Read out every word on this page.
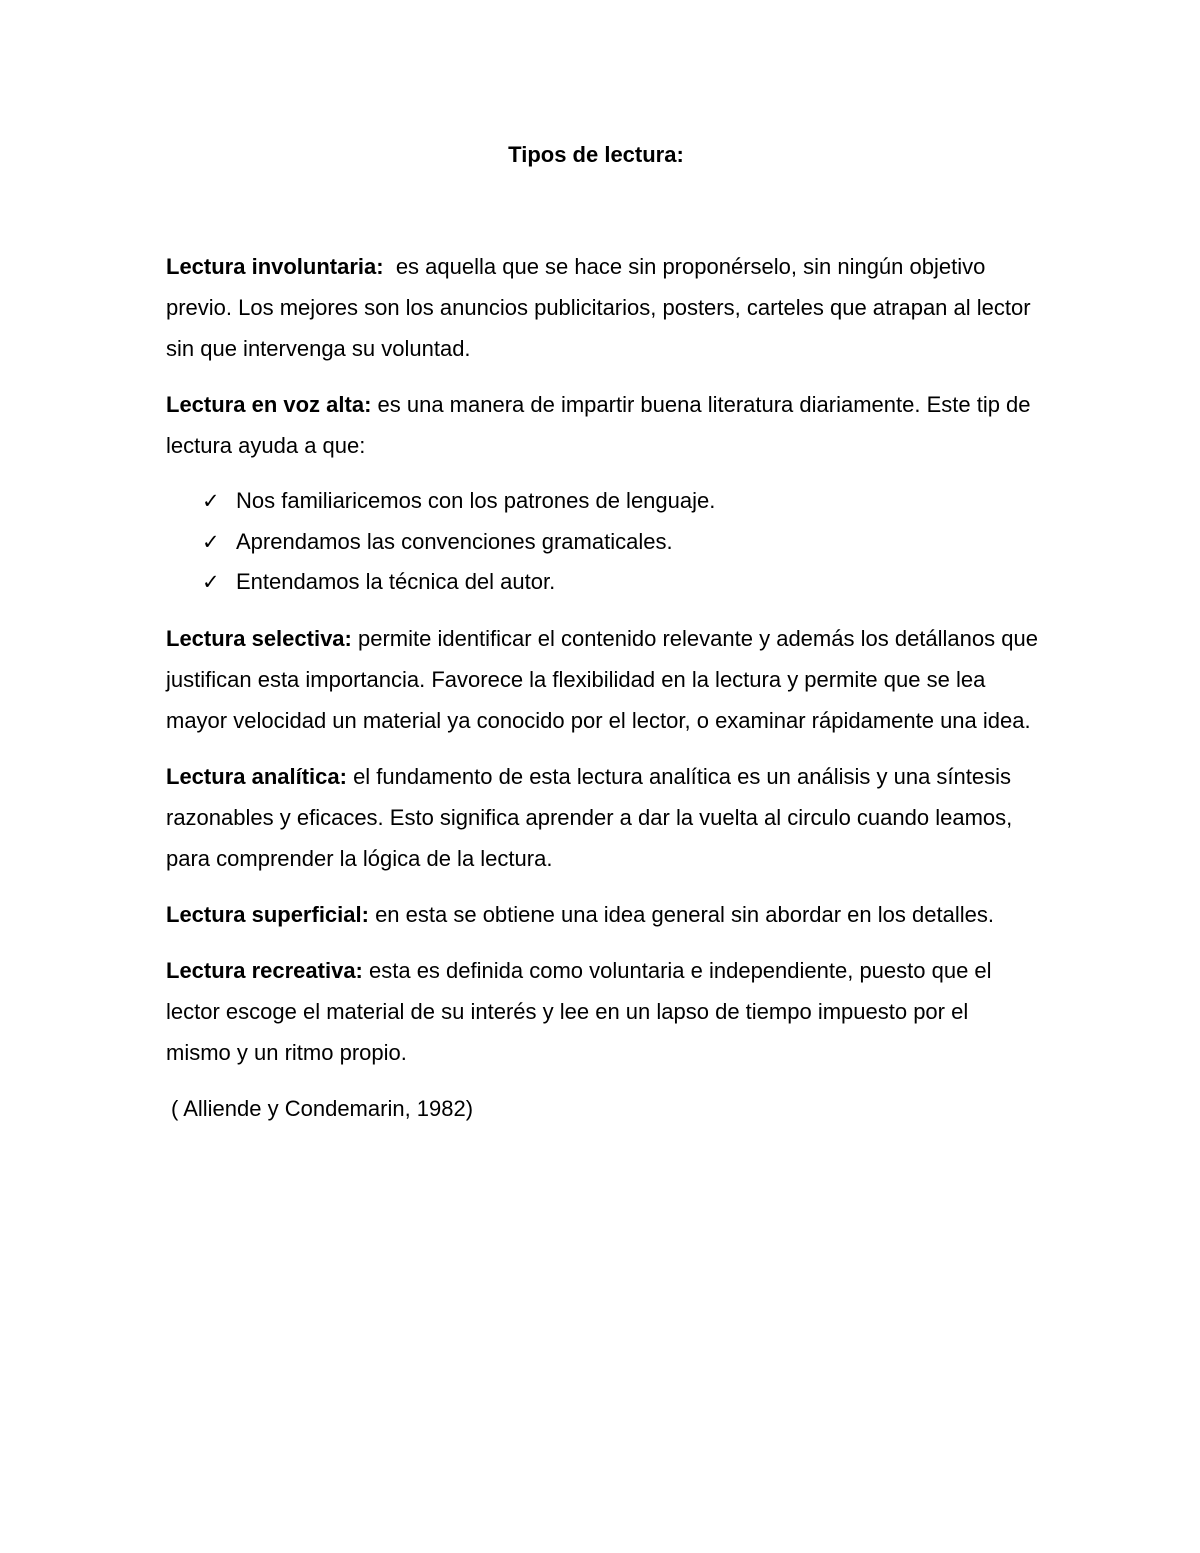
Tipos de lectura:

Lectura involuntaria:  es aquella que se hace sin proponérselo, sin ningún objetivo previo. Los mejores son los anuncios publicitarios, posters, carteles que atrapan al lector sin que intervenga su voluntad.

Lectura en voz alta: es una manera de impartir buena literatura diariamente. Este tip de lectura ayuda a que:

✓ Nos familiaricemos con los patrones de lenguaje.
✓ Aprendamos las convenciones gramaticales.
✓ Entendamos la técnica del autor.

Lectura selectiva: permite identificar el contenido relevante y además los detállanos que justifican esta importancia. Favorece la flexibilidad en la lectura y permite que se lea mayor velocidad un material ya conocido por el lector, o examinar rápidamente una idea.

Lectura analítica: el fundamento de esta lectura analítica es un análisis y una síntesis razonables y eficaces. Esto significa aprender a dar la vuelta al circulo cuando leamos, para comprender la lógica de la lectura.

Lectura superficial: en esta se obtiene una idea general sin abordar en los detalles.

Lectura recreativa: esta es definida como voluntaria e independiente, puesto que el lector escoge el material de su interés y lee en un lapso de tiempo impuesto por el mismo y un ritmo propio.

( Alliende y Condemarin, 1982)
